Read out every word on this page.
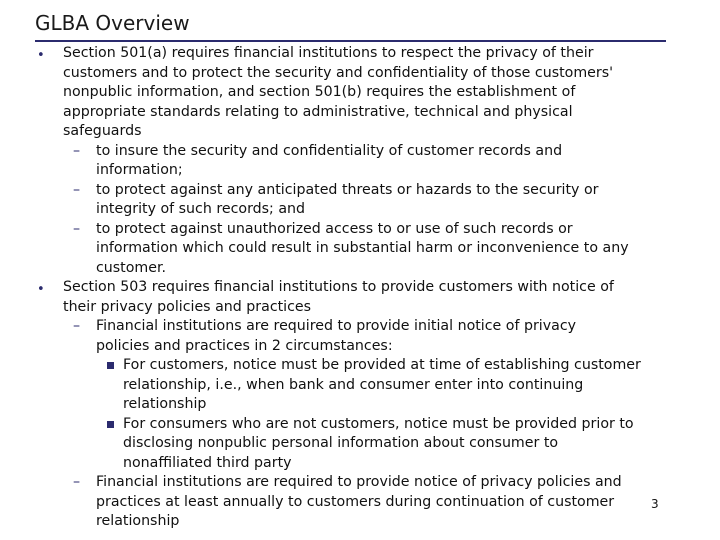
GLBA Overview
• Section 501(a) requires financial institutions to respect the privacy of their
customers and to protect the security and confidentiality of those customers'
nonpublic information, and section 501(b) requires the establishment of
appropriate standards relating to administrative, technical and physical
safeguards
– to insure the security and confidentiality of customer records and
information;
– to protect against any anticipated threats or hazards to the security or
integrity of such records; and
– to protect against unauthorized access to or use of such records or
information which could result in substantial harm or inconvenience to any
customer.
• Section 503 requires financial institutions to provide customers with notice of
their privacy policies and practices
– Financial institutions are required to provide initial notice of privacy
policies and practices in 2 circumstances:
For customers, notice must be provided at time of establishing customer
relationship, i.e., when bank and consumer enter into continuing
relationship
For consumers who are not customers, notice must be provided prior to
disclosing nonpublic personal information about consumer to
nonaffiliated third party
– Financial institutions are required to provide notice of privacy policies and
practices at least annually to customers during continuation of customer
relationship
3
